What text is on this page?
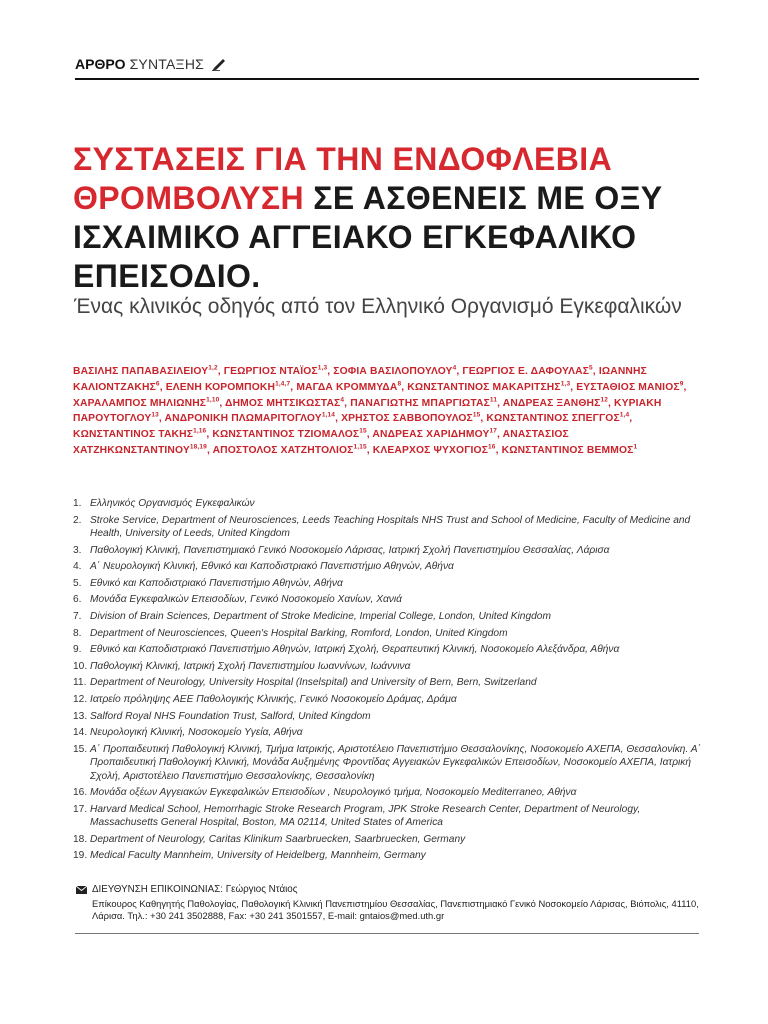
ΑΡΘΡΟ ΣΥΝΤΑΞΗΣ
ΣΥΣΤΑΣΕΙΣ ΓΙΑ ΤΗΝ ΕΝΔΟΦΛΕΒΙΑ ΘΡΟΜΒΟΛΥΣΗ ΣΕ ΑΣΘΕΝΕΙΣ ΜΕ ΟΞΥ ΙΣΧΑΙΜΙΚΟ ΑΓΓΕΙΑΚΟ ΕΓΚΕΦΑΛΙΚΟ ΕΠΕΙΣΟΔΙΟ.

Ένας κλινικός οδηγός από τον Ελληνικό Οργανισμό Εγκεφαλικών

ΒΑΣΙΛΗΣ ΠΑΠΑΒΑΣΙΛΕΙΟΥ$^{1,2}$, ΓΕΩΡΓΙΟΣ ΝΤΑΪΟΣ$^{1,3}$, ΣΟΦΙΑ ΒΑΣΙΛΟΠΟΥΛΟΥ$^4$, ΓΕΩΡΓΙΟΣ Ε. ΔΑΦΟΥΛΑΣ$^5$, ΙΩΑΝΝΗΣ ΚΑΛΙΟΝΤΖΑΚΗΣ$^6$, ΕΛΕΝΗ ΚΟΡΟΜΠΟΚΗ$^{1,4,7}$, ΜΑΓΔΑ ΚΡΟΜΜΥΔΑ$^8$, ΚΩΝΣΤΑΝΤΙΝΟΣ ΜΑΚΑΡΙΤΣΗΣ$^{1,3}$, ΕΥΣΤΑΘΙΟΣ ΜΑΝΙΟΣ$^9$, ΧΑΡΑΛΑΜΠΟΣ ΜΗΛΙΩΝΗΣ$^{1,10}$, ΔΗΜΟΣ ΜΗΤΣΙΚΩΣΤΑΣ$^4$, ΠΑΝΑΓΙΩΤΗΣ ΜΠΑΡΓΙΩΤΑΣ$^{11}$, ΑΝΔΡΕΑΣ ΞΑΝΘΗΣ$^{12}$, ΚΥΡΙΑΚΗ ΠΑΡΟΥΤΟΓΛΟΥ$^{13}$, ΑΝΔΡΟΝΙΚΗ ΠΛΩΜΑΡΙΤΟΓΛΟΥ$^{1,14}$, ΧΡΗΣΤΟΣ ΣΑΒΒΟΠΟΥΛΟΣ$^{15}$, ΚΩΝΣΤΑΝΤΙΝΟΣ ΣΠΕΓΓΟΣ$^{1,4}$, ΚΩΝΣΤΑΝΤΙΝΟΣ ΤΑΚΗΣ$^{1,16}$, ΚΩΝΣΤΑΝΤΙΝΟΣ ΤΖΙΟΜΑΛΟΣ$^{15}$, ΑΝΔΡΕΑΣ ΧΑΡΙΔΗΜΟΥ$^{17}$, ΑΝΑΣΤΑΣΙΟΣ ΧΑΤΖΗΚΩΝΣΤΑΝΤΙΝΟΥ$^{18,19}$, ΑΠΟΣΤΟΛΟΣ ΧΑΤΖΗΤΟΛΙΟΣ$^{1,15}$, ΚΛΕΑΡΧΟΣ ΨΥΧΟΓΙΟΣ$^{16}$, ΚΩΝΣΤΑΝΤΙΝΟΣ ΒΕΜΜΟΣ$^1$
1. Ελληνικός Οργανισμός Εγκεφαλικών
2. Stroke Service, Department of Neurosciences, Leeds Teaching Hospitals NHS Trust and School of Medicine, Faculty of Medicine and Health, University of Leeds, United Kingdom
3. Παθολογική Κλινική, Πανεπιστημιακό Γενικό Νοσοκομείο Λάρισας, Ιατρική Σχολή Πανεπιστημίου Θεσσαλίας, Λάρισα
4. Α΄ Νευρολογική Κλινική, Εθνικό και Καποδιστριακό Πανεπιστήμιο Αθηνών, Αθήνα
5. Εθνικό και Καποδιστριακό Πανεπιστήμιο Αθηνών, Αθήνα
6. Μονάδα Εγκεφαλικών Επεισοδίων, Γενικό Νοσοκομείο Χανίων, Χανιά
7. Division of Brain Sciences, Department of Stroke Medicine, Imperial College, London, United Kingdom
8. Department of Neurosciences, Queen's Hospital Barking, Romford, London, United Kingdom
9. Εθνικό και Καποδιστριακό Πανεπιστήμιο Αθηνών, Ιατρική Σχολή, Θεραπευτική Κλινική, Νοσοκομείο Αλεξάνδρα, Αθήνα
10. Παθολογική Κλινική, Ιατρική Σχολή Πανεπιστημίου Ιωαννίνων, Ιωάννινα
11. Department of Neurology, University Hospital (Inselspital) and University of Bern, Bern, Switzerland
12. Ιατρείο πρόληψης ΑΕΕ Παθολογικής Κλινικής, Γενικό Νοσοκομείο Δράμας, Δράμα
13. Salford Royal NHS Foundation Trust, Salford, United Kingdom
14. Νευρολογική Κλινική, Νοσοκομείο Υγεία, Αθήνα
15. Α΄ Προπαιδευτική Παθολογική Κλινική, Τμήμα Ιατρικής, Αριστοτέλειο Πανεπιστήμιο Θεσσαλονίκης, Νοσοκομείο ΑΧΕΠΑ, Θεσσαλονίκη. Α΄ Προπαιδευτική Παθολογική Κλινική, Μονάδα Αυξημένης Φροντίδας Αγγειακών Εγκεφαλικών Επεισοδίων, Νοσοκομείο ΑΧΕΠΑ, Ιατρική Σχολή, Αριστοτέλειο Πανεπιστήμιο Θεσσαλονίκης, Θεσσαλονίκη
16. Μονάδα οξέων Αγγειακών Εγκεφαλικών Επεισοδίων , Νευρολογικό τμήμα, Νοσοκομείο Mediterraneo, Αθήνα
17. Harvard Medical School, Hemorrhagic Stroke Research Program, JPK Stroke Research Center, Department of Neurology, Massachusetts General Hospital, Boston, MA 02114, United States of America
18. Department of Neurology, Caritas Klinikum Saarbruecken, Saarbruecken, Germany
19. Medical Faculty Mannheim, University of Heidelberg, Mannheim, Germany
ΔΙΕΥΘΥΝΣΗ ΕΠΙΚΟΙΝΩΝΙΑΣ: Γεώργιος Ντάιος
Επίκουρος Καθηγητής Παθολογίας, Παθολογική Κλινική Πανεπιστημίου Θεσσαλίας, Πανεπιστημιακό Γενικό Νοσοκομείο Λάρισας, Βιόπολις, 41110, Λάρισα. Τηλ.: +30 241 3502888, Fax: +30 241 3501557, E-mail: gntaios@med.uth.gr
